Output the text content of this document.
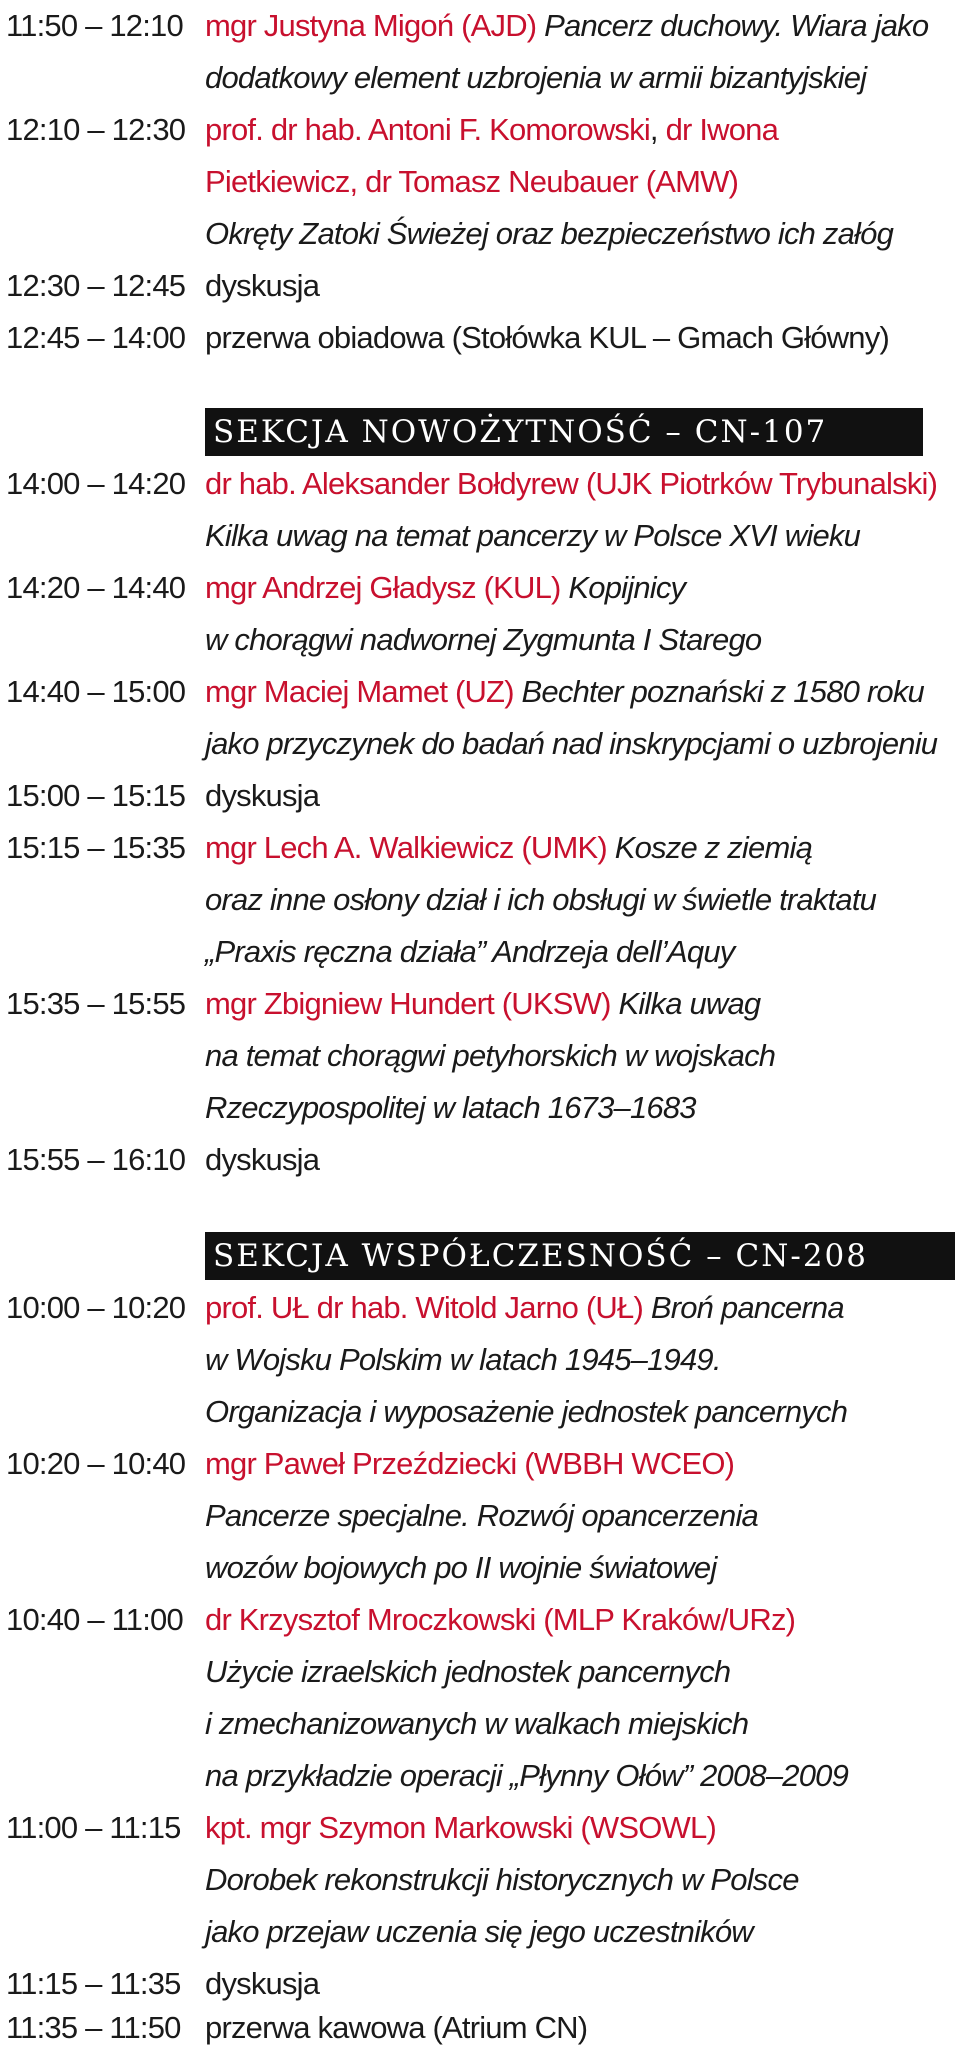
11:50 – 12:10 mgr Justyna Migoń (AJD) Pancerz duchowy. Wiara jako
dodatkowy element uzbrojenia w armii bizantyjskiej
12:10 – 12:30 prof. dr hab. Antoni F. Komorowski, dr Iwona
Pietkiewicz, dr Tomasz Neubauer (AMW)
Okręty Zatoki Świeżej oraz bezpieczeństwo ich załóg
12:30 – 12:45 dyskusja
12:45 – 14:00 przerwa obiadowa (Stołówka KUL – Gmach Główny)
SEKCJA NOWOŻYTNOŚĆ – CN-107
14:00 – 14:20 dr hab. Aleksander Bołdyrew (UJK Piotrków Trybunalski)
Kilka uwag na temat pancerzy w Polsce XVI wieku
14:20 – 14:40 mgr Andrzej Gładysz (KUL) Kopijnicy
w chorągwi nadwornej Zygmunta I Starego
14:40 – 15:00 mgr Maciej Mamet (UZ) Bechter poznański z 1580 roku
jako przyczynek do badań nad inskrypcjami o uzbrojeniu
15:00 – 15:15 dyskusja
15:15 – 15:35 mgr Lech A. Walkiewicz (UMK) Kosze z ziemią
oraz inne osłony dział i ich obsługi w świetle traktatu
„Praxis ręczna działa” Andrzeja dell’Aquy
15:35 – 15:55 mgr Zbigniew Hundert (UKSW) Kilka uwag
na temat chorągwi petyhorskich w wojskach
Rzeczypospolitej w latach 1673–1683
15:55 – 16:10 dyskusja
SEKCJA WSPÓŁCZESNOŚĆ – CN-208
10:00 – 10:20 prof. UŁ dr hab. Witold Jarno (UŁ) Broń pancerna
w Wojsku Polskim w latach 1945–1949.
Organizacja i wyposażenie jednostek pancernych
10:20 – 10:40 mgr Paweł Przeździecki (WBBH WCEO)
Pancerze specjalne. Rozwój opancerzenia
wozów bojowych po II wojnie światowej
10:40 – 11:00 dr Krzysztof Mroczkowski (MLP Kraków/URz)
Użycie izraelskich jednostek pancernych
i zmechanizowanych w walkach miejskich
na przykładzie operacji „Płynny Ołów” 2008–2009
11:00 – 11:15 kpt. mgr Szymon Markowski (WSOWL)
Dorobek rekonstrukcji historycznych w Polsce
jako przejaw uczenia się jego uczestników
11:15 – 11:35 dyskusja
11:35 – 11:50 przerwa kawowa (Atrium CN)
